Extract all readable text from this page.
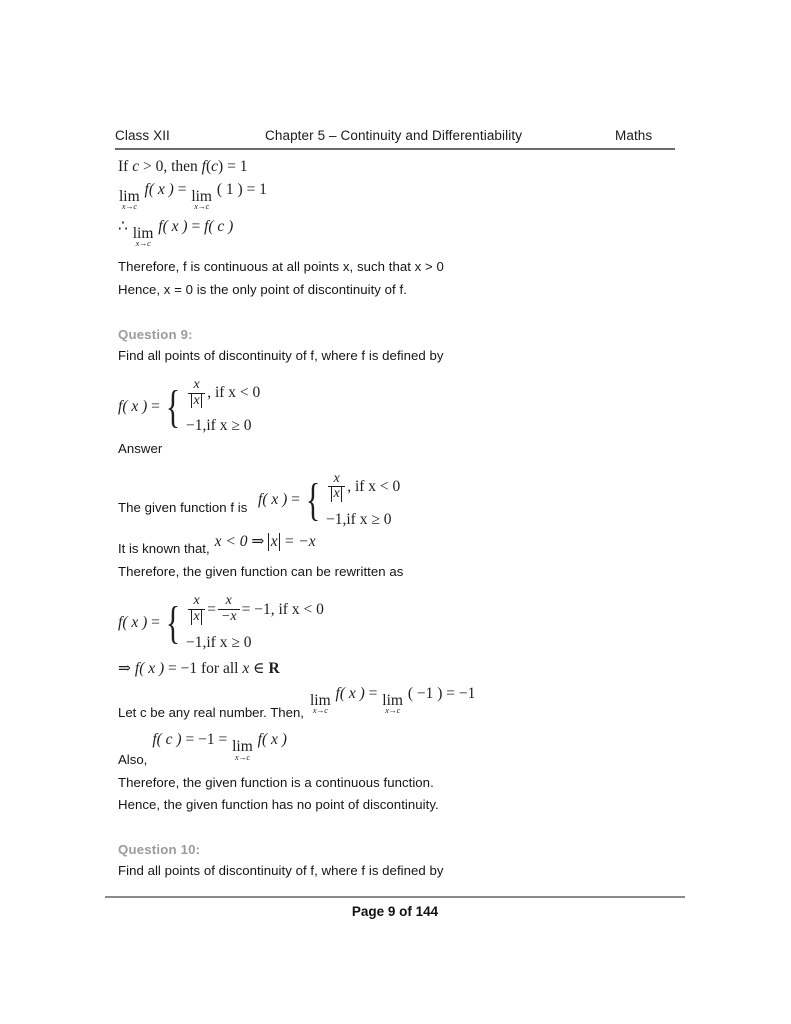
Class XII	Chapter 5 – Continuity and Differentiability	Maths
If c > 0, then f(c) = 1
lim
x→c
f( x ) = lim
x→c
( 1 ) = 1
∴ lim
x→c
f( x ) = f( c )

Therefore, f is continuous at all points x, such that x > 0

Hence, x = 0 is the only point of discontinuity of f.

Question 9:

Find all points of discontinuity of f, where f is defined by

f( x ) = { $\frac{x}{x}$ , if x < 0
−1, if x ≥ 0

Answer

f( x ) = { $\frac{x}{x}$ , if x < 0
−1, if x ≥ 0

The given function f is

It is known that, x < 0 ⇒ x = −x

Therefore, the given function can be rewritten as

f( x ) = { $\frac{x}{x} = \frac{x}{-x} = -1$, if x < 0
−1, if x ≥ 0
⇒ f( x ) = −1 for all x ∈ R
Let c be any real number. Then,
lim
x→c
f( x ) = lim
x→c
( −1 ) = −1
Also,
f( c ) = −1 = lim
x→c
f( x )

Therefore, the given function is a continuous function.

Hence, the given function has no point of discontinuity.

Question 10:

Find all points of discontinuity of f, where f is defined by

Page 9 of 144
